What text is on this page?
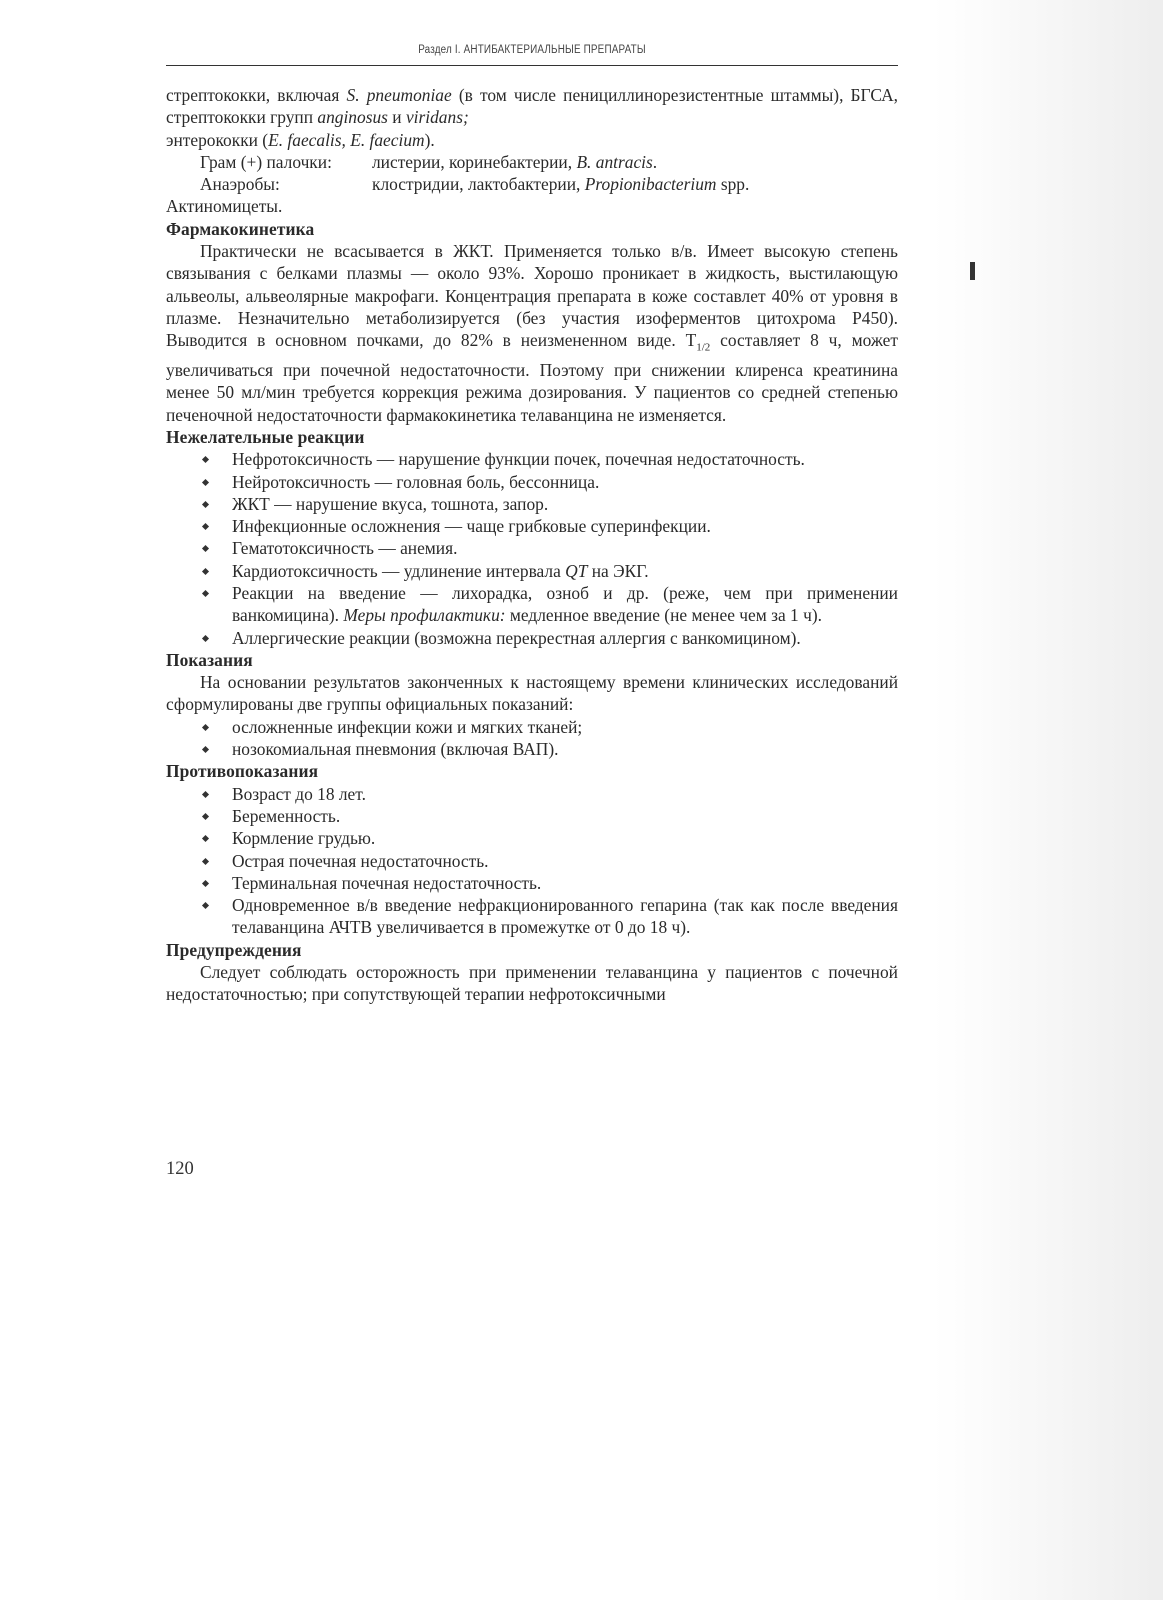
Раздел I. АНТИБАКТЕРИАЛЬНЫЕ ПРЕПАРАТЫ

стрептококки, включая S. pneumoniae (в том числе пенициллинорезистентные штаммы), БГСА, стрептококки групп anginosus и viridans;

энтерококки (E. faecalis, E. faecium).

Грам (+) палочки:	листерии, коринебактерии, B. antracis.
Анаэробы:	клостридии, лактобактерии, Propionibacterium spp.

Актиномицеты.

Фармакокинетика

Практически не всасывается в ЖКТ. Применяется только в/в. Имеет высокую степень связывания с белками плазмы — около 93%. Хорошо проникает в жидкость, выстилающую альвеолы, альвеолярные макрофаги. Концентрация препарата в коже составлет 40% от уровня в плазме. Незначительно метаболизируется (без участия изоферментов цитохрома P450). Выводится в основном почками, до 82% в неизмененном виде. $T_{1/2}$ составляет 8 ч, может увеличиваться при почечной недостаточности. Поэтому при снижении клиренса креатинина менее 50 мл/мин требуется коррекция режима дозирования. У пациентов со средней степенью печеночной недостаточности фармакокинетика телаванцина не изменяется.

Нежелательные реакции

Нефротоксичность — нарушение функции почек, почечная недостаточность.
Нейротоксичность — головная боль, бессонница.
ЖКТ — нарушение вкуса, тошнота, запор.
Инфекционные осложнения — чаще грибковые суперинфекции.
Гематотоксичность — анемия.
Кардиотоксичность — удлинение интервала QT на ЭКГ.
Реакции на введение — лихорадка, озноб и др. (реже, чем при применении ванкомицина). Меры профилактики: медленное введение (не менее чем за 1 ч).
Аллергические реакции (возможна перекрестная аллергия с ванкомицином).

Показания

На основании результатов законченных к настоящему времени клинических исследований сформулированы две группы официальных показаний:

осложненные инфекции кожи и мягких тканей;
нозокомиальная пневмония (включая ВАП).

Противопоказания

Возраст до 18 лет.
Беременность.
Кормление грудью.
Острая почечная недостаточность.
Терминальная почечная недостаточность.
Одновременное в/в введение нефракционированного гепарина (так как после введения телаванцина АЧТВ увеличивается в промежутке от 0 до 18 ч).

Предупреждения

Следует соблюдать осторожность при применении телаванцина у пациентов с почечной недостаточностью; при сопутствующей терапии нефротоксичными

120
